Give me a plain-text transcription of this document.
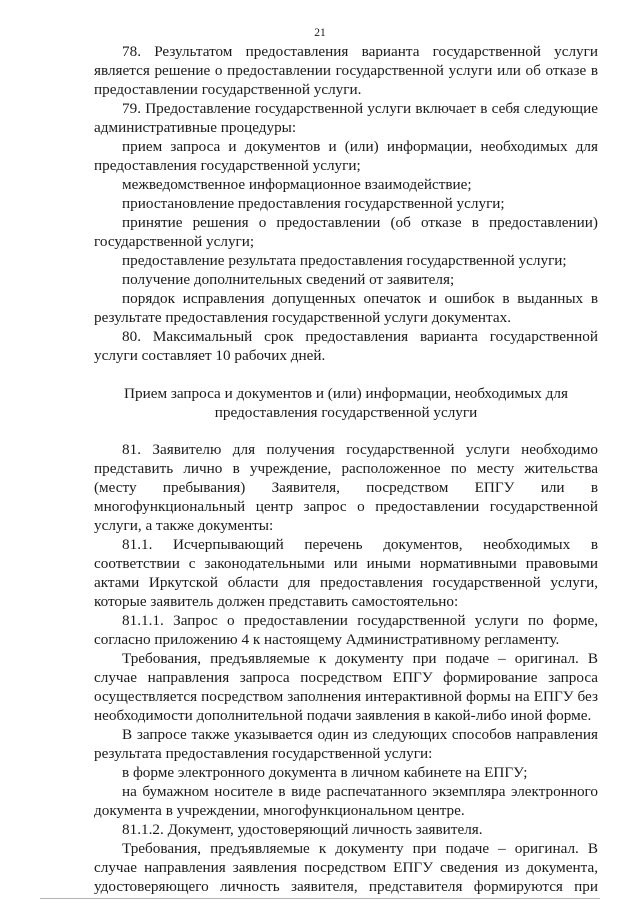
21

78. Результатом предоставления варианта государственной услуги является решение о предоставлении государственной услуги или об отказе в предоставлении государственной услуги.

79. Предоставление государственной услуги включает в себя следующие административные процедуры:

прием запроса и документов и (или) информации, необходимых для предоставления государственной услуги;

межведомственное информационное взаимодействие;

приостановление предоставления государственной услуги;

принятие решения о предоставлении (об отказе в предоставлении) государственной услуги;

предоставление результата предоставления государственной услуги;

получение дополнительных сведений от заявителя;

порядок исправления допущенных опечаток и ошибок в выданных в результате предоставления государственной услуги документах.

80. Максимальный срок предоставления варианта государственной услуги составляет 10 рабочих дней.

Прием запроса и документов и (или) информации, необходимых для предоставления государственной услуги

81. Заявителю для получения государственной услуги необходимо представить лично в учреждение, расположенное по месту жительства (месту пребывания) Заявителя, посредством ЕПГУ или в многофункциональный центр запрос о предоставлении государственной услуги, а также документы:

81.1. Исчерпывающий перечень документов, необходимых в соответствии с законодательными или иными нормативными правовыми актами Иркутской области для предоставления государственной услуги, которые заявитель должен представить самостоятельно:

81.1.1. Запрос о предоставлении государственной услуги по форме, согласно приложению 4 к настоящему Административному регламенту.

Требования, предъявляемые к документу при подаче – оригинал. В случае направления запроса посредством ЕПГУ формирование запроса осуществляется посредством заполнения интерактивной формы на ЕПГУ без необходимости дополнительной подачи заявления в какой-либо иной форме.

В запросе также указывается один из следующих способов направления результата предоставления государственной услуги:

в форме электронного документа в личном кабинете на ЕПГУ;

на бумажном носителе в виде распечатанного экземпляра электронного документа в учреждении, многофункциональном центре.

81.1.2. Документ, удостоверяющий личность заявителя.

Требования, предъявляемые к документу при подаче – оригинал. В случае направления заявления посредством ЕПГУ сведения из документа, удостоверяющего личность заявителя, представителя формируются при
